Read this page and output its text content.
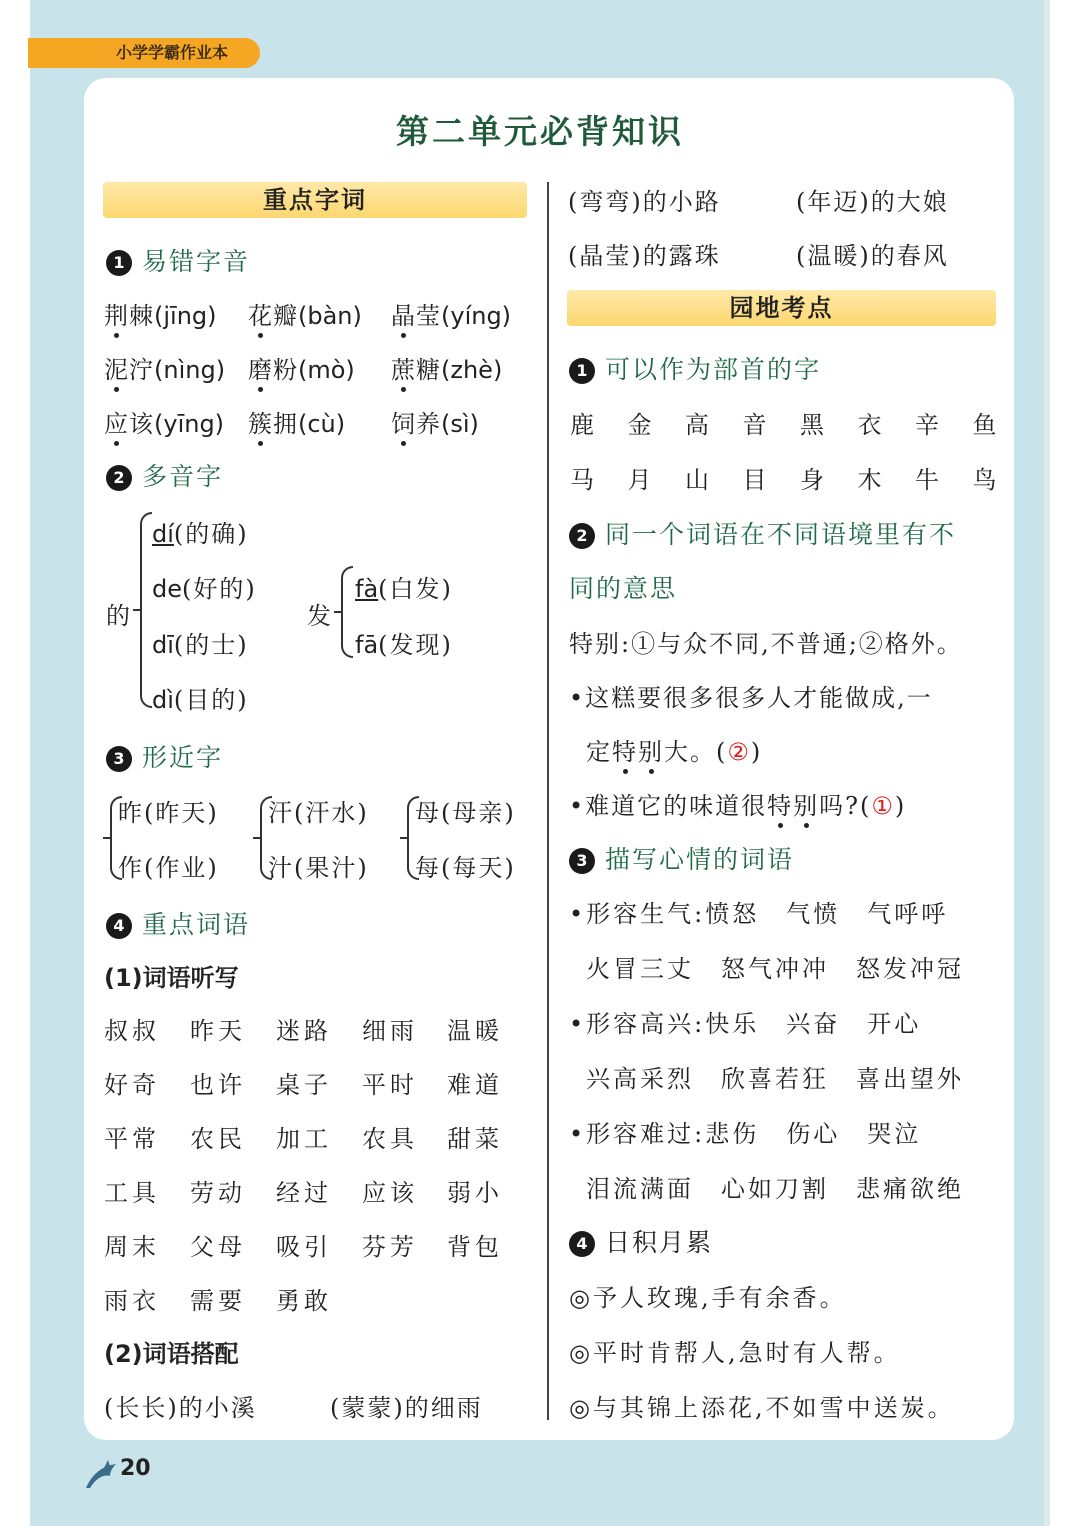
小学学霸作业本
第二单元必背知识
重点字词
1 易错字音
荆棘(jīng) 花瓣(bàn) 晶莹(yíng)
泥泞(nìng) 磨粉(mò) 蔗糖(zhè)
应该(yīng) 簇拥(cù) 饲养(sì)
2 多音字
的
dí(的确)
de(好的)
dī(的士)
dì(目的)
发
fà(白发)
fā(发现)
3 形近字
昨(昨天)
作(作业)
汗(汗水)
汁(果汁)
母(母亲)
每(每天)
4 重点词语
(1)词语听写
叔叔 昨天 迷路 细雨 温暖
好奇 也许 桌子 平时 难道
平常 农民 加工 农具 甜菜
工具 劳动 经过 应该 弱小
周末 父母 吸引 芬芳 背包
雨衣 需要 勇敢
(2)词语搭配
(长长)的小溪	(蒙蒙)的细雨
(弯弯)的小路	(年迈)的大娘
(晶莹)的露珠	(温暖)的春风
园地考点
1 可以作为部首的字
鹿 金 高 音 黑 衣 辛 鱼
马 月 山 目 身 木 牛 鸟
2 同一个词语在不同语境里有不
同的意思
特别:①与众不同,不普通;②格外。
•这糕要很多很多人才能做成,一
定特别大。(②)
•难道它的味道很特别吗?(①)
3 描写心情的词语
•形容生气:愤怒　气愤　气呼呼
火冒三丈　怒气冲冲　怒发冲冠
•形容高兴:快乐　兴奋　开心
兴高采烈　欣喜若狂　喜出望外
•形容难过:悲伤　伤心　哭泣
泪流满面　心如刀割　悲痛欲绝
4 日积月累
◎予人玫瑰,手有余香。
◎平时肯帮人,急时有人帮。
◎与其锦上添花,不如雪中送炭。
20
